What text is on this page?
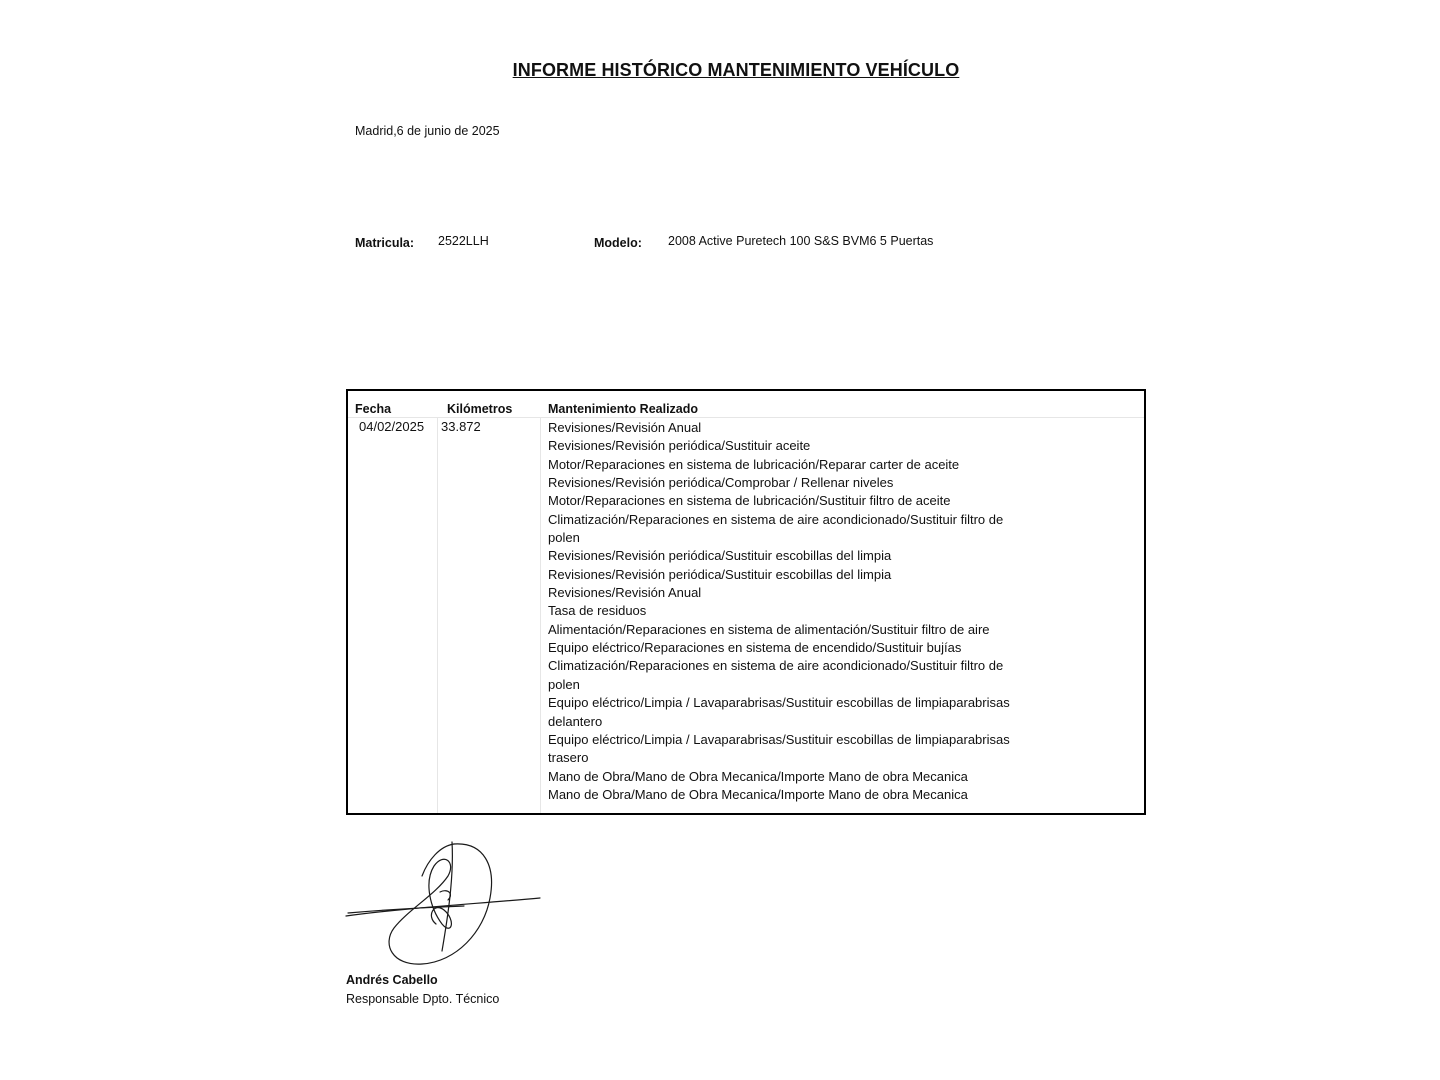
INFORME HISTÓRICO MANTENIMIENTO VEHÍCULO
Madrid,6 de junio de 2025
Matricula: 2522LLH	Modelo: 2008 Active Puretech 100 S&S BVM6 5 Puertas
Fecha	Kilómetros	Mantenimiento Realizado
04/02/2025 33.872	Revisiones/Revisión Anual
Revisiones/Revisión periódica/Sustituir aceite
Motor/Reparaciones en sistema de lubricación/Reparar carter de aceite
Revisiones/Revisión periódica/Comprobar / Rellenar niveles
Motor/Reparaciones en sistema de lubricación/Sustituir filtro de aceite
Climatización/Reparaciones en sistema de aire acondicionado/Sustituir filtro de
polen
Revisiones/Revisión periódica/Sustituir escobillas del limpia
Revisiones/Revisión periódica/Sustituir escobillas del limpia
Revisiones/Revisión Anual
Tasa de residuos
Alimentación/Reparaciones en sistema de alimentación/Sustituir filtro de aire
Equipo eléctrico/Reparaciones en sistema de encendido/Sustituir bujías
Climatización/Reparaciones en sistema de aire acondicionado/Sustituir filtro de
polen
Equipo eléctrico/Limpia / Lavaparabrisas/Sustituir escobillas de limpiaparabrisas
delantero
Equipo eléctrico/Limpia / Lavaparabrisas/Sustituir escobillas de limpiaparabrisas
trasero
Mano de Obra/Mano de Obra Mecanica/Importe Mano de obra Mecanica
Mano de Obra/Mano de Obra Mecanica/Importe Mano de obra Mecanica
Andrés Cabello
Responsable Dpto. Técnico
